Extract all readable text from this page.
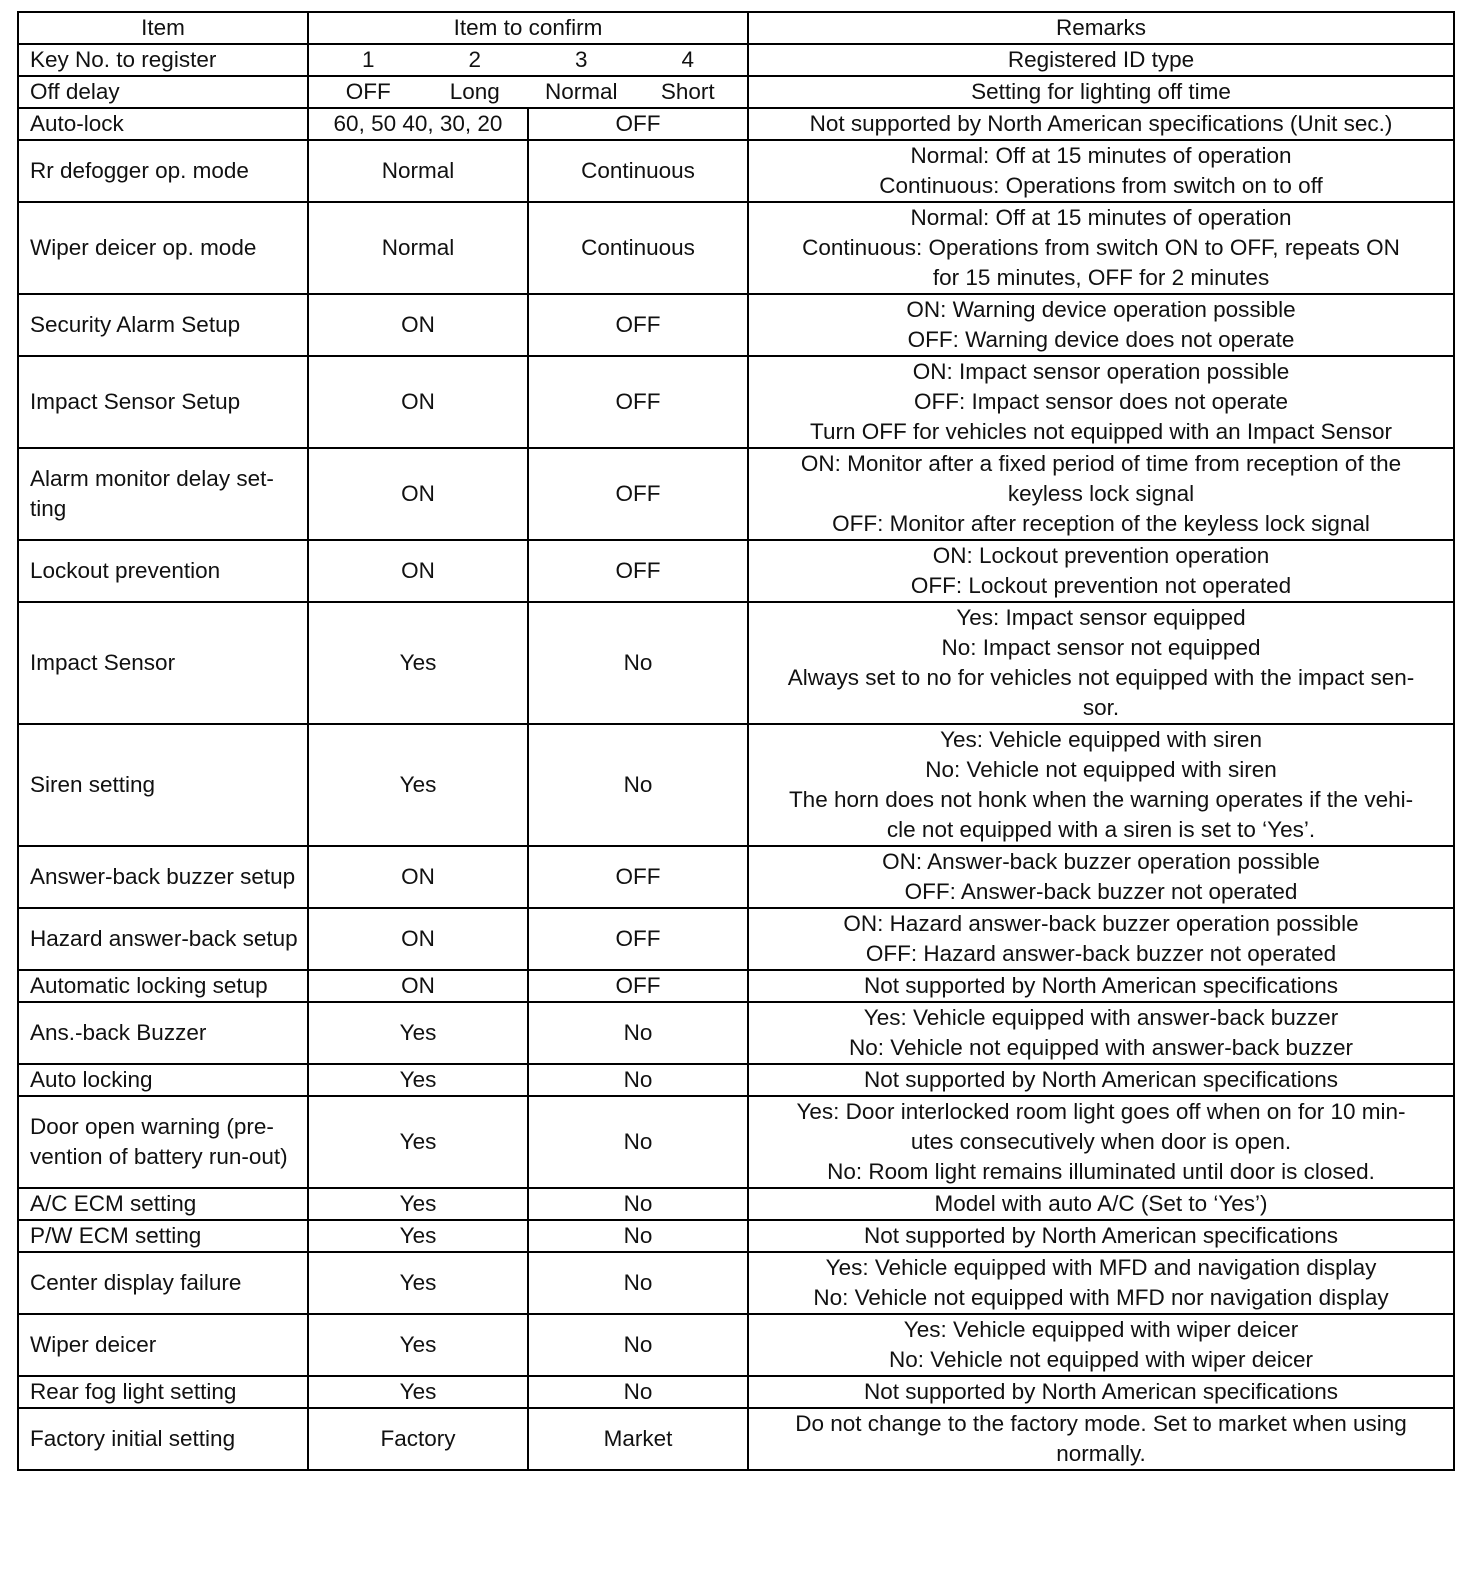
Item	Item to confirm		Remarks
Key No. to register	1 2 3 4		Registered ID type
Off delay	OFF Long Normal Short		Setting for lighting off time
Auto-lock	60, 50 40, 30, 20	OFF	Not supported by North American specifications (Unit sec.)
Rr defogger op. mode	Normal	Continuous	Normal: Off at 15 minutes of operation
Continuous: Operations from switch on to off

Wiper deicer op. mode	Normal	Continuous	Normal: Off at 15 minutes of operation
Continuous: Operations from switch ON to OFF, repeats ON
for 15 minutes, OFF for 2 minutes

Security Alarm Setup	ON	OFF	ON: Warning device operation possible
OFF: Warning device does not operate

Impact Sensor Setup	ON	OFF	ON: Impact sensor operation possible
OFF: Impact sensor does not operate
Turn OFF for vehicles not equipped with an Impact Sensor

Alarm monitor delay set-ting	ON	OFF	ON: Monitor after a fixed period of time from reception of the
keyless lock signal
OFF: Monitor after reception of the keyless lock signal

Lockout prevention	ON	OFF	ON: Lockout prevention operation
OFF: Lockout prevention not operated

Impact Sensor	Yes	No	Yes: Impact sensor equipped
No: Impact sensor not equipped
Always set to no for vehicles not equipped with the impact sen-
sor.

Siren setting	Yes	No	Yes: Vehicle equipped with siren
No: Vehicle not equipped with siren
The horn does not honk when the warning operates if the vehi-
cle not equipped with a siren is set to ‘Yes’.

Answer-back buzzer setup	ON	OFF	ON: Answer-back buzzer operation possible
OFF: Answer-back buzzer not operated

Hazard answer-back setup	ON	OFF	ON: Hazard answer-back buzzer operation possible
OFF: Hazard answer-back buzzer not operated

Automatic locking setup	ON	OFF	Not supported by North American specifications

Ans.-back Buzzer	Yes	No	Yes: Vehicle equipped with answer-back buzzer
No: Vehicle not equipped with answer-back buzzer

Auto locking	Yes	No	Not supported by North American specifications

Door open warning (pre-vention of battery run-out)	Yes	No	Yes: Door interlocked room light goes off when on for 10 min-
utes consecutively when door is open.
No: Room light remains illuminated until door is closed.

A/C ECM setting	Yes	No	Model with auto A/C (Set to ‘Yes’)

P/W ECM setting	Yes	No	Not supported by North American specifications

Center display failure	Yes	No	Yes: Vehicle equipped with MFD and navigation display
No: Vehicle not equipped with MFD nor navigation display

Wiper deicer	Yes	No	Yes: Vehicle equipped with wiper deicer
No: Vehicle not equipped with wiper deicer

Rear fog light setting	Yes	No	Not supported by North American specifications

Factory initial setting	Factory	Market	Do not change to the factory mode. Set to market when using
normally.
